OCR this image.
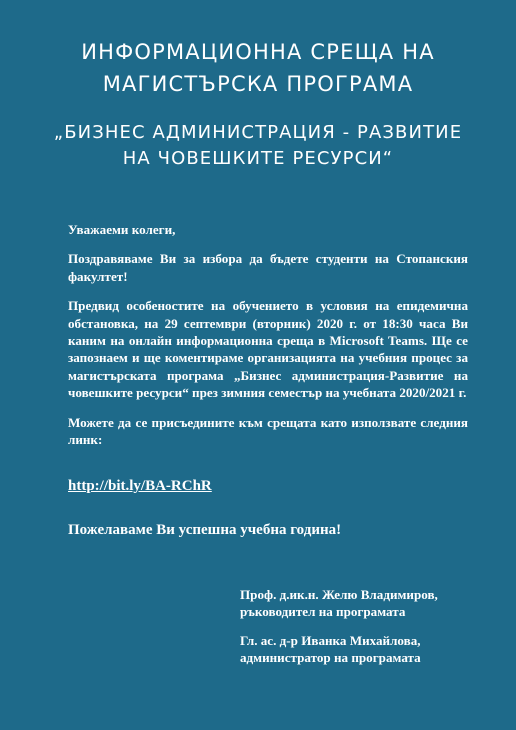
ИНФОРМАЦИОННА СРЕЩА НА
МАГИСТЪРСКА ПРОГРАМА
„БИЗНЕС АДМИНИСТРАЦИЯ - РАЗВИТИЕ
НА ЧОВЕШКИТЕ РЕСУРСИ“

Уважаеми колеги,

Поздравяваме Ви за избора да бъдете студенти на Стопанския факултет!

Предвид особеностите на обучението в условия на епидемична обстановка, на 29 септември (вторник) 2020 г. от 18:30 часа Ви каним на онлайн информационна среща в Microsoft Teams. Ще се запознаем и ще коментираме организацията на учебния процес за магистърската програма „Бизнес администрация-Развитие на човешките ресурси“ през зимния семестър на учебната 2020/2021 г.

Можете да се присъедините към срещата като използвате следния линк:

http://bit.ly/BA-RChR
Пожелаваме Ви успешна учебна година!
Проф. д.ик.н. Желю Владимиров,
ръководител на програмата
Гл. ас. д-р Иванка Михайлова,
администратор на програмата
